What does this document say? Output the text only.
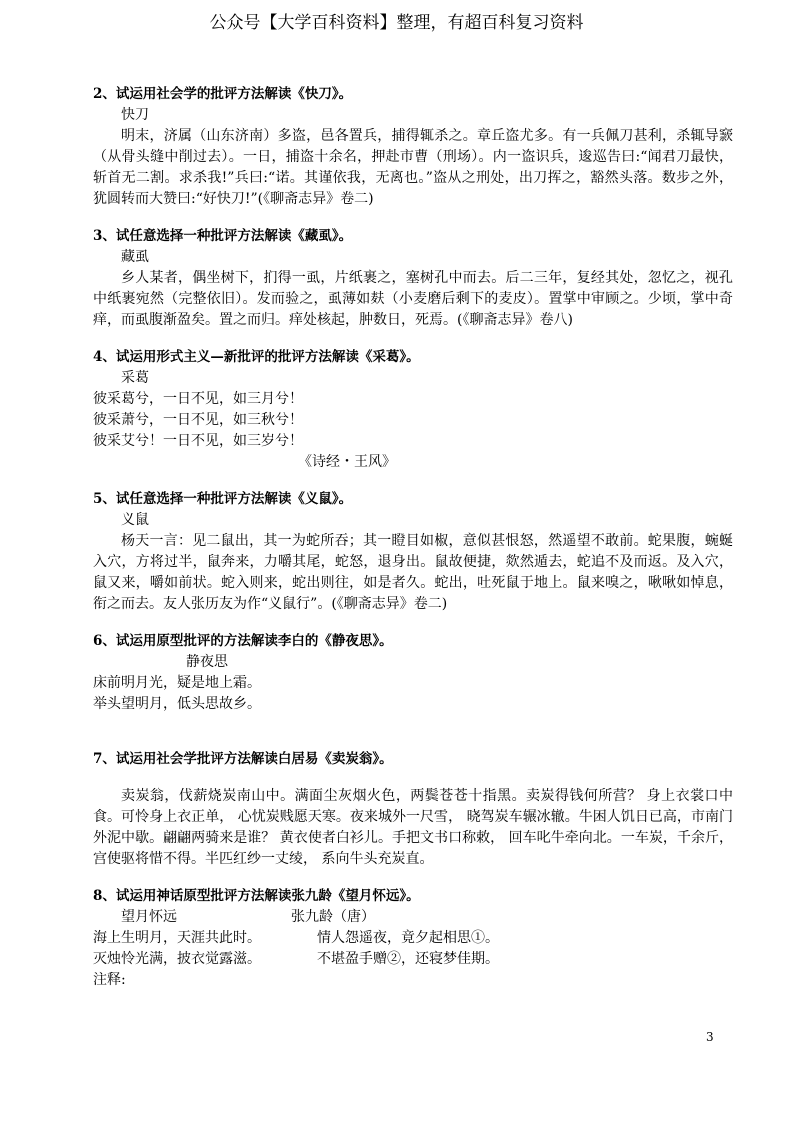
公众号【大学百科资料】整理，有超百科复习资料

2、试运用社会学的批评方法解读《快刀》。

快刀

明末，济属（山东济南）多盗，邑各置兵，捕得辄杀之。章丘盗尤多。有一兵佩刀甚利，杀辄导窾（从骨头缝中削过去）。一日，捕盗十余名，押赴市曹（刑场）。内一盗识兵，逡巡告曰:“闻君刀最快，斩首无二割。求杀我!”兵曰:“诺。其谨依我，无离也。”盗从之刑处，出刀挥之，豁然头落。数步之外，犹圆转而大赞曰:“好快刀!”(《聊斋志异》卷二)

3、试任意选择一种批评方法解读《藏虱》。

藏虱

乡人某者，偶坐树下，扪得一虱，片纸裹之，塞树孔中而去。后二三年，复经其处，忽忆之，视孔中纸裹宛然（完整依旧）。发而验之，虱薄如麸（小麦磨后剩下的麦皮）。置掌中审顾之。少顷，掌中奇痒，而虱腹渐盈矣。置之而归。痒处核起，肿数日，死焉。(《聊斋志异》卷八)

4、试运用形式主义—新批评的批评方法解读《采葛》。

采葛

彼采葛兮，一日不见，如三月兮！

彼采萧兮，一日不见，如三秋兮！

彼采艾兮！一日不见，如三岁兮！

《诗经・王风》

5、试任意选择一种批评方法解读《义鼠》。

义鼠

杨天一言：见二鼠出，其一为蛇所吞；其一瞪目如椒，意似甚恨怒，然遥望不敢前。蛇果腹，蜿蜒入穴，方将过半，鼠奔来，力嚼其尾，蛇怒，退身出。鼠故便捷，欻然遁去，蛇追不及而返。及入穴，鼠又来，嚼如前状。蛇入则来，蛇出则往，如是者久。蛇出，吐死鼠于地上。鼠来嗅之，啾啾如悼息，衔之而去。友人张历友为作“义鼠行”。(《聊斋志异》卷二)

6、试运用原型批评的方法解读李白的《静夜思》。

静夜思

床前明月光，疑是地上霜。

举头望明月，低头思故乡。

7、试运用社会学批评方法解读白居易《卖炭翁》。

卖炭翁，伐薪烧炭南山中。满面尘灰烟火色，两鬓苍苍十指黑。卖炭得钱何所营？ 身上衣裳口中食。可怜身上衣正单， 心忧炭贱愿天寒。夜来城外一尺雪， 晓驾炭车辗冰辙。牛困人饥日已高，市南门外泥中歇。翩翩两骑来是谁？ 黄衣使者白衫儿。手把文书口称敕， 回车叱牛牵向北。一车炭，千余斤，宫使驱将惜不得。半匹红纱一丈绫， 系向牛头充炭直。

8、试运用神话原型批评方法解读张九龄《望月怀远》。

望月怀远	张九龄（唐）
海上生明月，天涯共此时。	情人怨遥夜，竟夕起相思①。
灭烛怜光满，披衣觉露滋。	不堪盈手赠②，还寝梦佳期。

注释:

3
